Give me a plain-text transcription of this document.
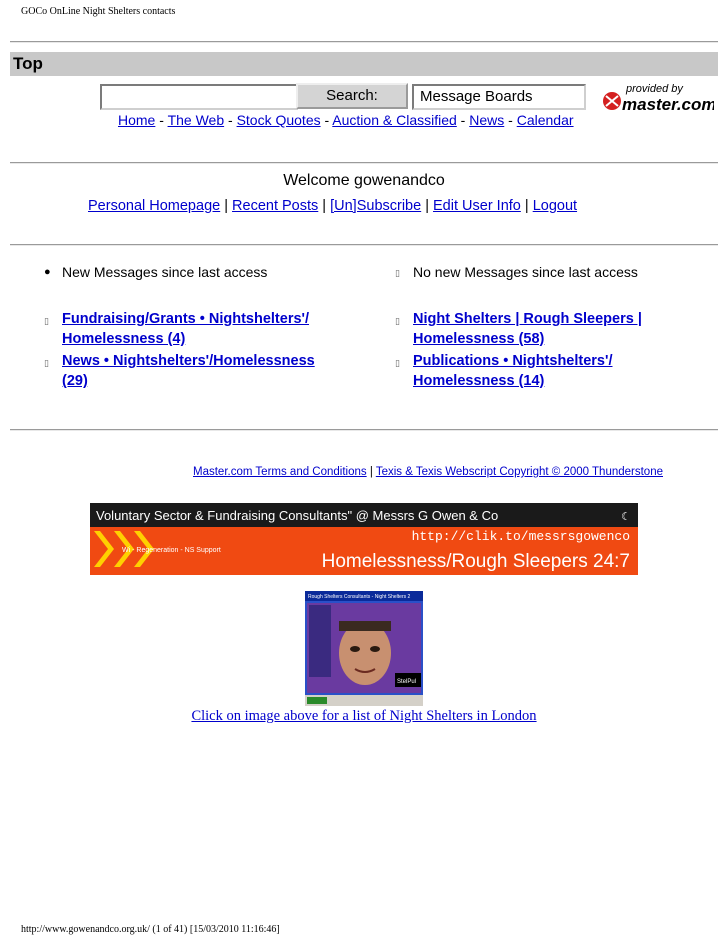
GOCo OnLine Night Shelters contacts
Top
Search:	Message Boards	provided by
master.com
Home - The Web - Stock Quotes - Auction & Classified - News - Calendar
Welcome gowenandco
Personal Homepage | Recent Posts | [Un]Subscribe | Edit User Info | Logout
● New Messages since last access	▯ No new Messages since last access
▯ Fundraising/Grants • Nightshelters'/
Homelessness (4)
▯ News • Nightshelters'/Homelessness
(29)
▯ Night Shelters | Rough Sleepers |
Homelessness (58)
▯ Publications • Nightshelters'/
Homelessness (14)
Master.com Terms and Conditions | Texis & Texis Webscript Copyright © 2000 Thunderstone
Voluntary Sector & Fundraising Consultants" @ Messrs G Owen & Co	☾
http://clik.to/messrsgowenco
Wi - Regeneration - NS Support
Homelessness/Rough Sleepers 24:7
Rough Shelters Consultants - Night Shelters 2
StelPul
Click on image above for a list of Night Shelters in London
http://www.gowenandco.org.uk/ (1 of 41) [15/03/2010 11:16:46]
